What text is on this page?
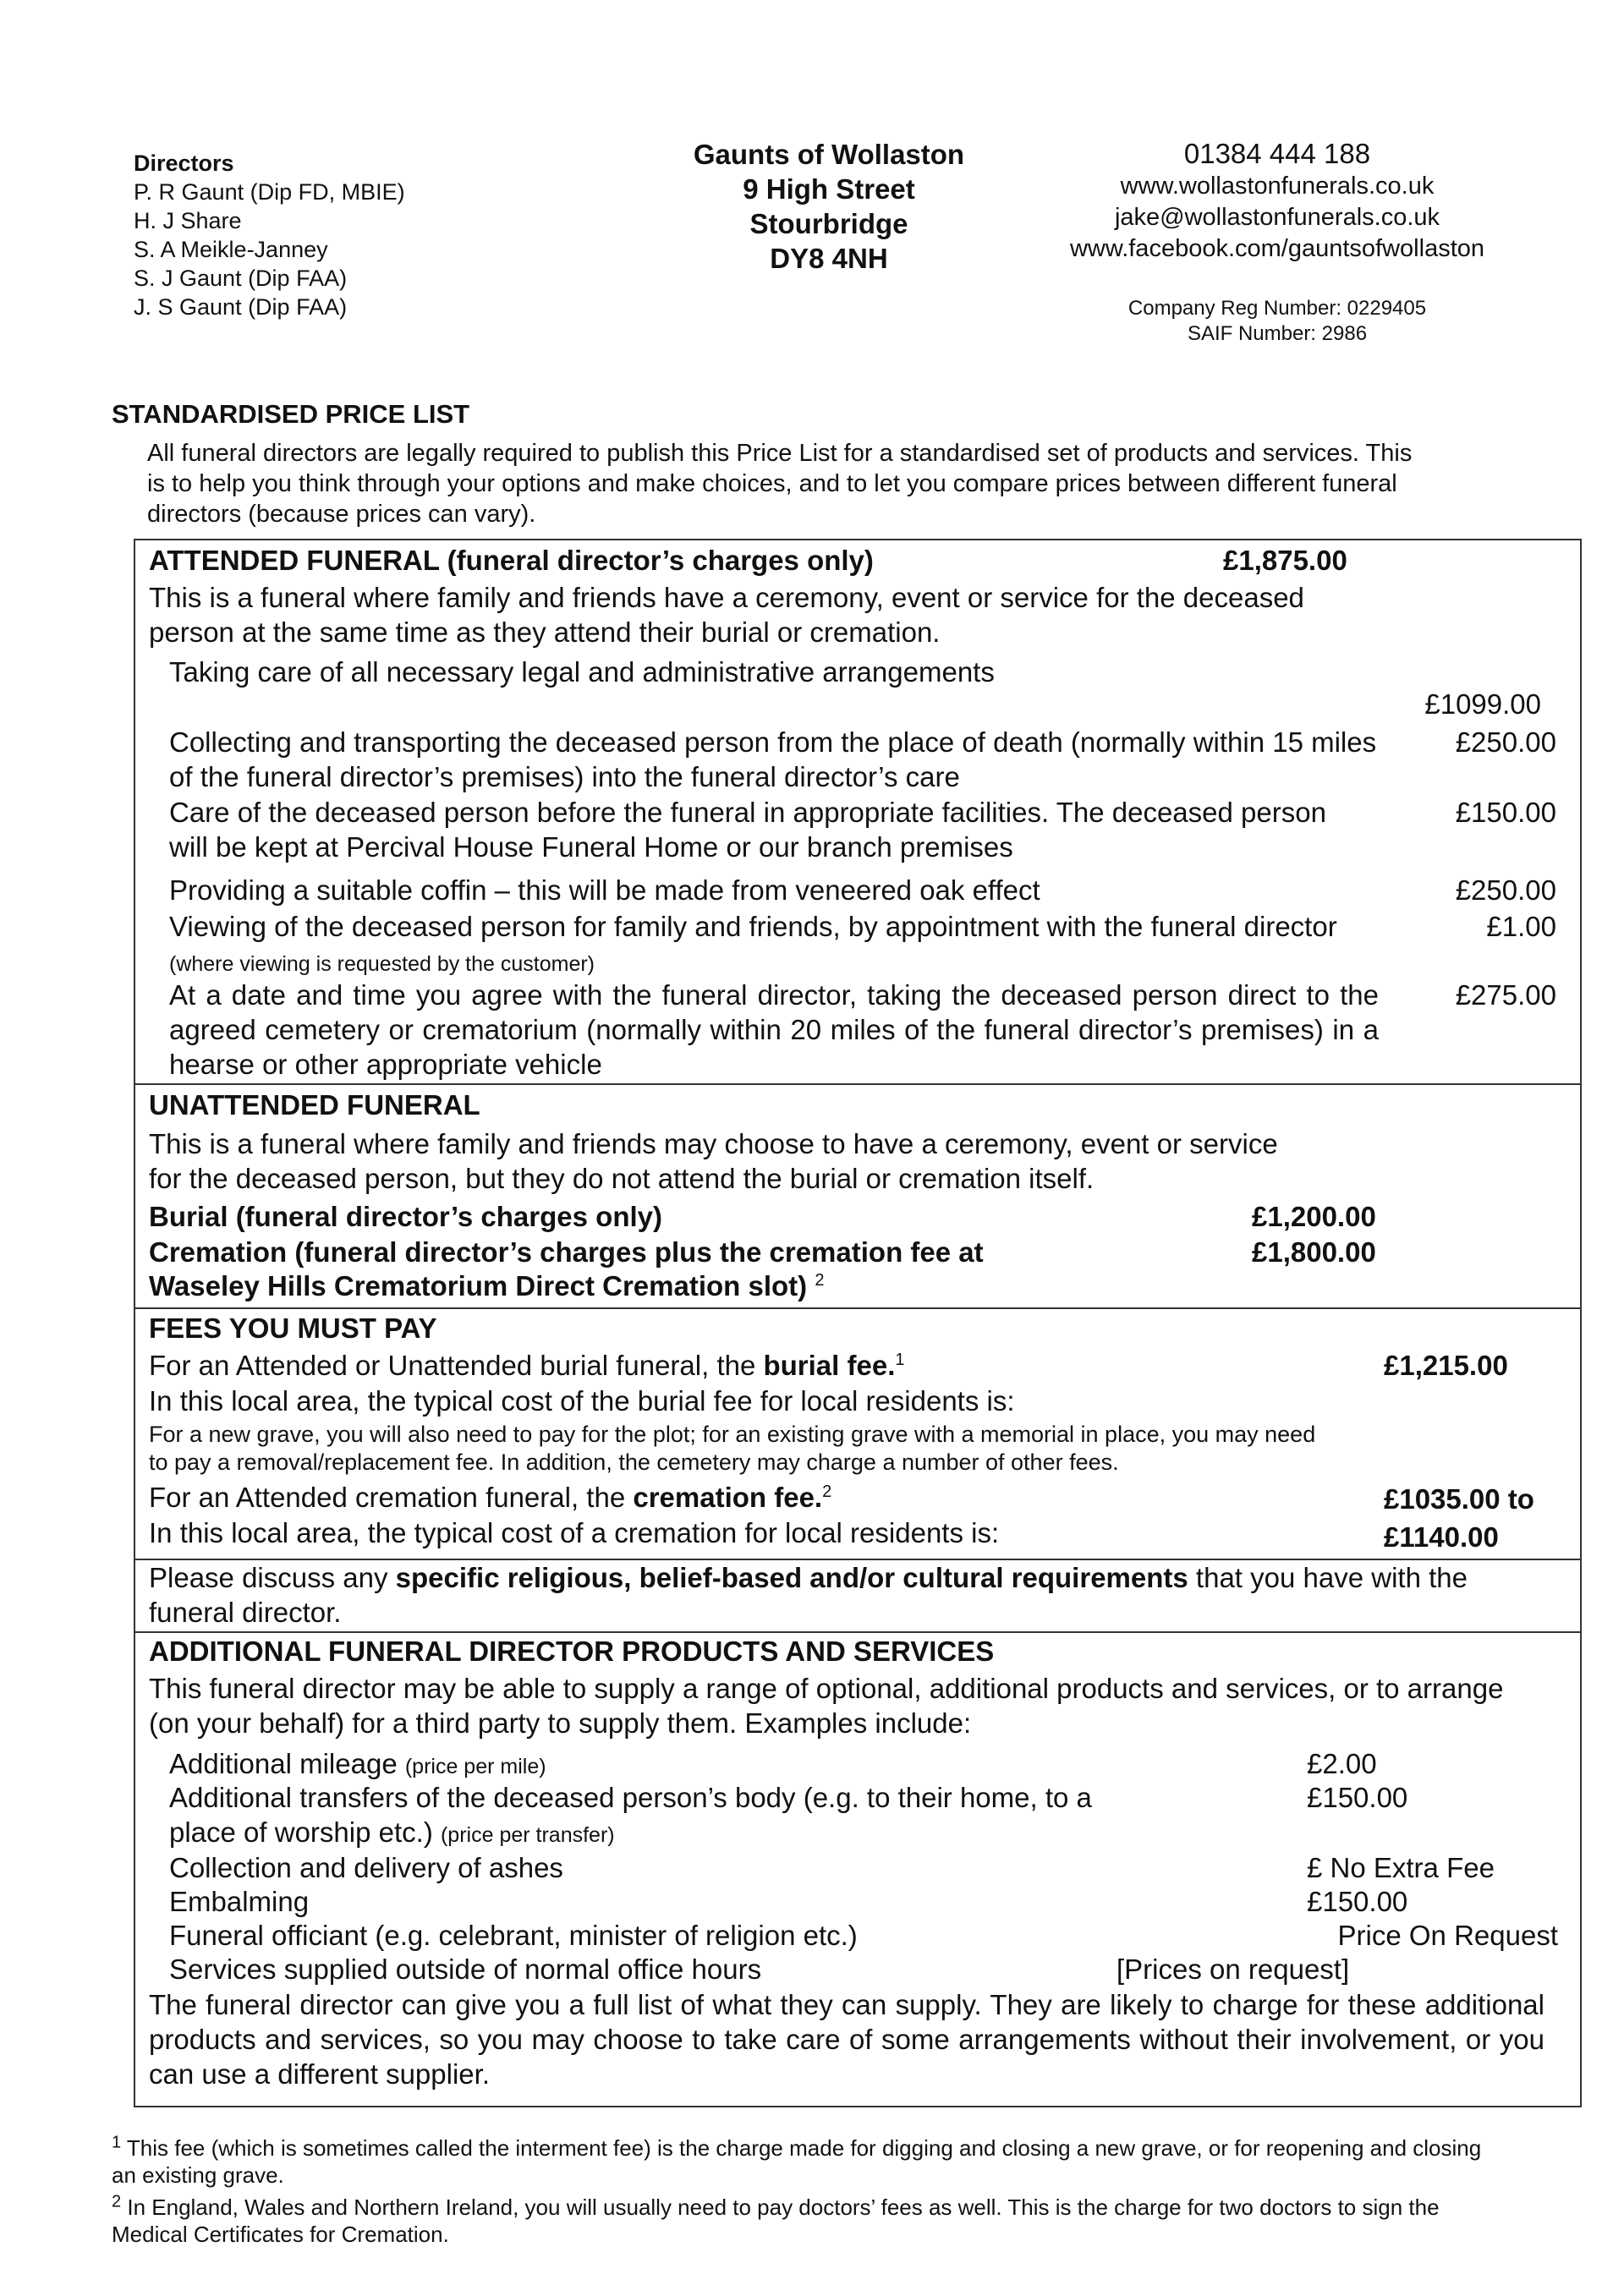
Directors
P. R Gaunt (Dip FD, MBIE)
H. J Share
S. A Meikle-Janney
S. J Gaunt (Dip FAA)
J. S Gaunt (Dip FAA)
Gaunts of Wollaston
9 High Street
Stourbridge
DY8 4NH
01384 444 188
www.wollastonfunerals.co.uk
jake@wollastonfunerals.co.uk
www.facebook.com/gauntsofwollaston
Company Reg Number: 0229405
SAIF Number: 2986
STANDARDISED PRICE LIST
All funeral directors are legally required to publish this Price List for a standardised set of products and services. This is to help you think through your options and make choices, and to let you compare prices between different funeral directors (because prices can vary).
ATTENDED FUNERAL (funeral director’s charges only)	£1,875.00
This is a funeral where family and friends have a ceremony, event or service for the deceased person at the same time as they attend their burial or cremation.
Taking care of all necessary legal and administrative arrangements
£1099.00
Collecting and transporting the deceased person from the place of death (normally within 15 miles of the funeral director’s premises) into the funeral director’s care
£250.00
Care of the deceased person before the funeral in appropriate facilities. The deceased person will be kept at Percival House Funeral Home or our branch premises
£150.00
Providing a suitable coffin – this will be made from veneered oak effect	£250.00
Viewing of the deceased person for family and friends, by appointment with the funeral director (where viewing is requested by the customer)
£1.00
At a date and time you agree with the funeral director, taking the deceased person direct to the agreed cemetery or crematorium (normally within 20 miles of the funeral director’s premises) in a hearse or other appropriate vehicle
£275.00
UNATTENDED FUNERAL
This is a funeral where family and friends may choose to have a ceremony, event or service for the deceased person, but they do not attend the burial or cremation itself.
Burial (funeral director’s charges only)	£1,200.00
Cremation (funeral director’s charges plus the cremation fee at	£1,800.00
Waseley Hills Crematorium Direct Cremation slot) $^2$
FEES YOU MUST PAY
For an Attended or Unattended burial funeral, the burial fee.$^1$	£1,215.00
In this local area, the typical cost of the burial fee for local residents is:
For a new grave, you will also need to pay for the plot; for an existing grave with a memorial in place, you may need to pay a removal/replacement fee. In addition, the cemetery may charge a number of other fees.
For an Attended cremation funeral, the cremation fee.$^2$	£1035.00 to
In this local area, the typical cost of a cremation for local residents is:	£1140.00
Please discuss any specific religious, belief-based and/or cultural requirements that you have with the funeral director.
ADDITIONAL FUNERAL DIRECTOR PRODUCTS AND SERVICES
This funeral director may be able to supply a range of optional, additional products and services, or to arrange (on your behalf) for a third party to supply them. Examples include:
Additional mileage (price per mile)	£2.00
Additional transfers of the deceased person’s body (e.g. to their home, to a place of worship etc.) (price per transfer)
£150.00
Collection and delivery of ashes	£ No Extra Fee
Embalming	£150.00
Funeral officiant (e.g. celebrant, minister of religion etc.)	Price On Request
Services supplied outside of normal office hours	[Prices on request]
The funeral director can give you a full list of what they can supply. They are likely to charge for these additional products and services, so you may choose to take care of some arrangements without their involvement, or you can use a different supplier.
$^1$ This fee (which is sometimes called the interment fee) is the charge made for digging and closing a new grave, or for reopening and closing an existing grave.
$^2$ In England, Wales and Northern Ireland, you will usually need to pay doctors’ fees as well. This is the charge for two doctors to sign the Medical Certificates for Cremation.
